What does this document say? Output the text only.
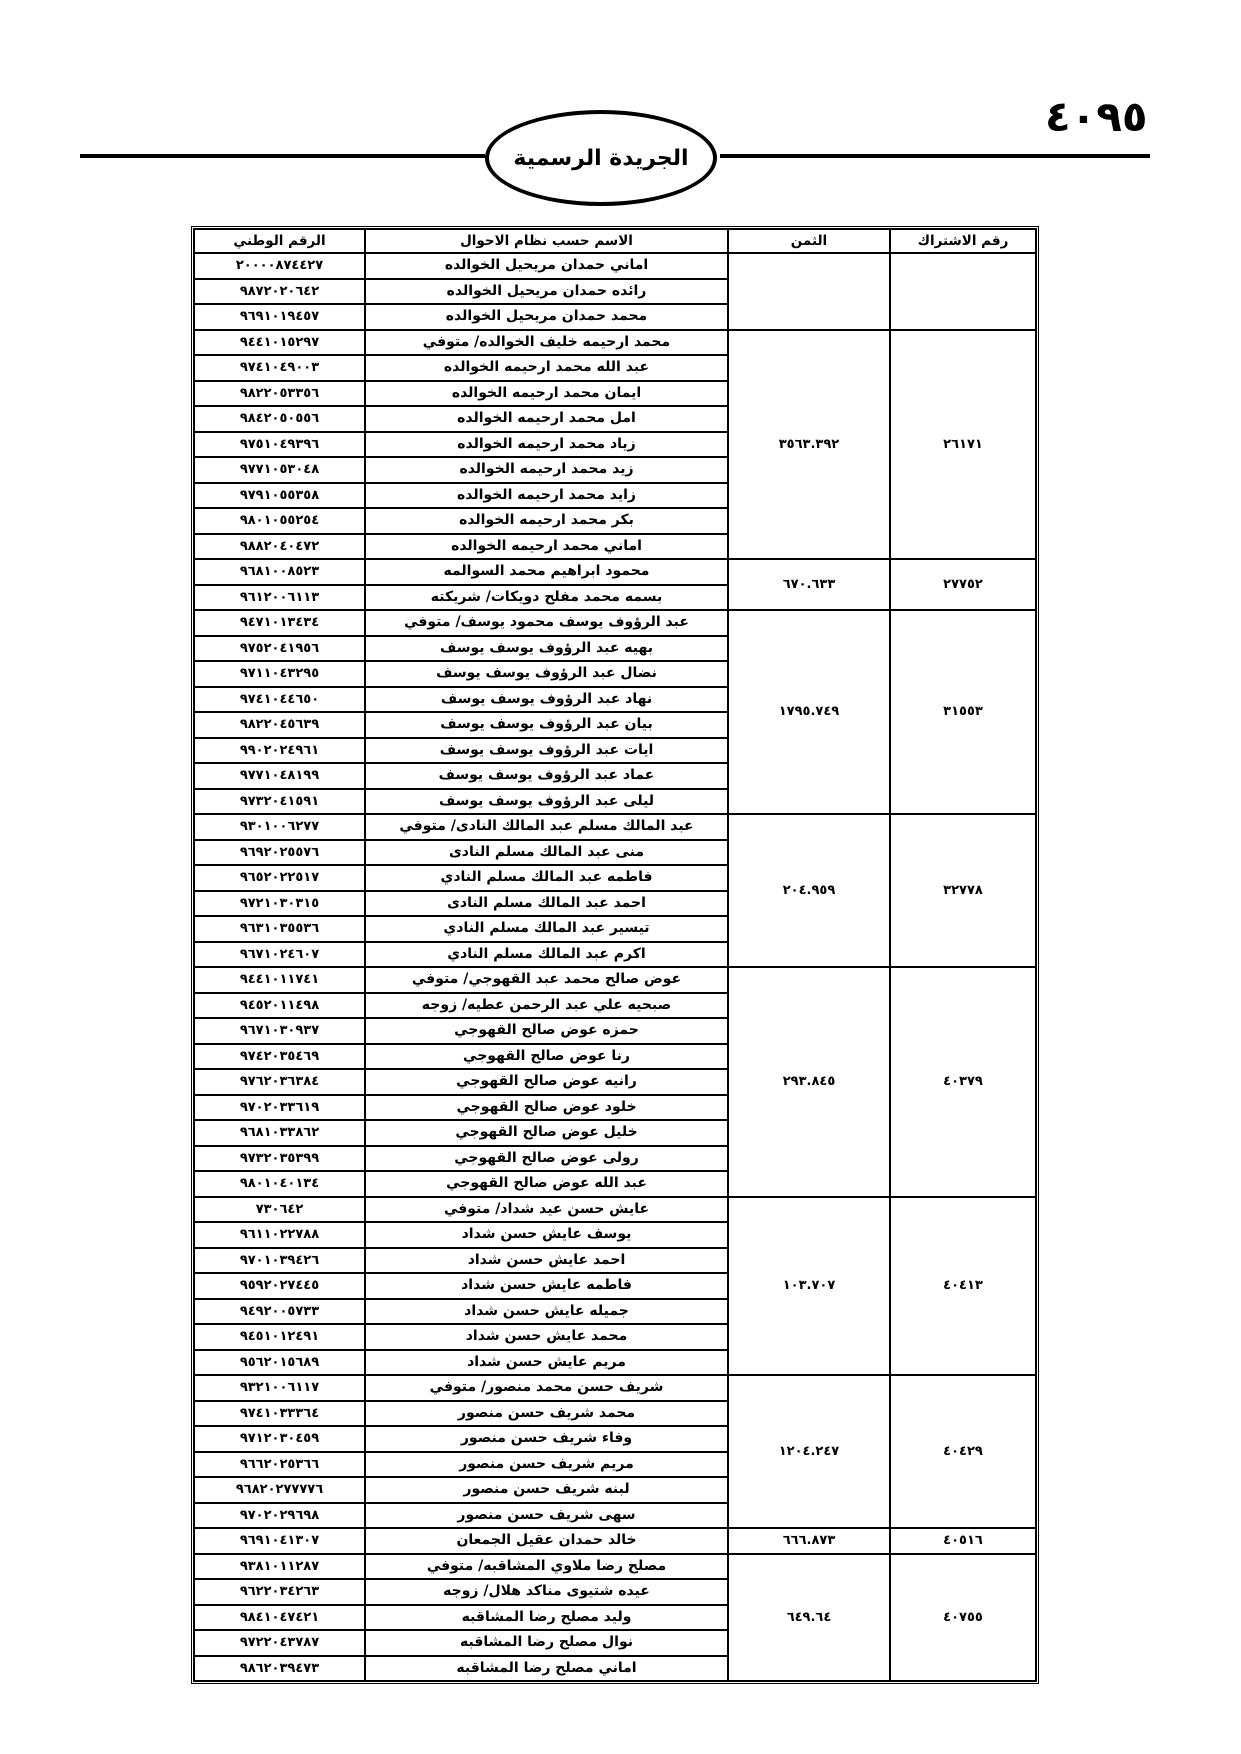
٤٠٩٥
الجريدة الرسمية
رقم الاشتراك	الثمن	الاسم حسب نظام الاحوال	الرقم الوطني
		اماني حمدان مريحيل الخوالده	٢٠٠٠٠٨٧٤٤٢٧
		رائده حمدان مريحيل الخوالده	٩٨٧٢٠٢٠٦٤٢
		محمد حمدان مريحيل الخوالده	٩٦٩١٠١٩٤٥٧
٢٦١٧١	٣٥٦٣.٣٩٢	محمد ارحيمه خليف الخوالده/ متوفي	٩٤٤١٠١٥٢٩٧
		عبد الله محمد ارحيمه الخوالده	٩٧٤١٠٤٩٠٠٣
		ايمان محمد ارحيمه الخوالده	٩٨٢٢٠٥٣٣٥٦
		امل محمد ارحيمه الخوالده	٩٨٤٢٠٥٠٥٥٦
		زياد محمد ارحيمه الخوالده	٩٧٥١٠٤٩٣٩٦
		زيد محمد ارحيمه الخوالده	٩٧٧١٠٥٣٠٤٨
		زايد محمد ارحيمه الخوالده	٩٧٩١٠٥٥٣٥٨
		بكر محمد ارحيمه الخوالده	٩٨٠١٠٥٥٢٥٤
		اماني محمد ارحيمه الخوالده	٩٨٨٢٠٤٠٤٧٢
٢٧٧٥٢	٦٧٠.٦٣٣	محمود ابراهيم محمد السوالمه	٩٦٨١٠٠٨٥٢٣
		بسمه محمد مفلح دويكات/ شريكته	٩٦١٢٠٠٦١١٣
٣١٥٥٣	١٧٩٥.٧٤٩	عبد الرؤوف يوسف محمود يوسف/ متوفي	٩٤٧١٠١٣٤٣٤
		بهيه عبد الرؤوف يوسف يوسف	٩٧٥٢٠٤١٩٥٦
		نضال عبد الرؤوف يوسف يوسف	٩٧١١٠٤٣٢٩٥
		نهاد عبد الرؤوف يوسف يوسف	٩٧٤١٠٤٤٦٥٠
		بيان عبد الرؤوف يوسف يوسف	٩٨٢٢٠٤٥٦٣٩
		ايات عبد الرؤوف يوسف يوسف	٩٩٠٢٠٢٤٩٦١
		عماد عبد الرؤوف يوسف يوسف	٩٧٧١٠٤٨١٩٩
		ليلى عبد الرؤوف يوسف يوسف	٩٧٣٢٠٤١٥٩١
٣٢٧٧٨	٢٠٤.٩٥٩	عبد المالك مسلم عبد المالك النادى/ متوفي	٩٣٠١٠٠٦٢٧٧
		منى عبد المالك مسلم النادى	٩٦٩٢٠٢٥٥٧٦
		فاطمه عبد المالك مسلم النادي	٩٦٥٢٠٢٢٥١٧
		احمد عبد المالك مسلم النادى	٩٧٢١٠٣٠٣١٥
		تيسير عبد المالك مسلم النادي	٩٦٣١٠٣٥٥٣٦
		اكرم عبد المالك مسلم النادي	٩٦٧١٠٢٤٦٠٧
٤٠٣٧٩	٢٩٣.٨٤٥	عوض صالح محمد عبد القهوجي/ متوفي	٩٤٤١٠١١٧٤١
		صبحيه علي عبد الرحمن عطيه/ زوجه	٩٤٥٢٠١١٤٩٨
		حمزه عوض صالح القهوجي	٩٦٧١٠٣٠٩٣٧
		رنا عوض صالح القهوجي	٩٧٤٢٠٣٥٤٦٩
		رانيه عوض صالح القهوجي	٩٧٦٢٠٣٦٣٨٤
		خلود عوض صالح القهوجي	٩٧٠٢٠٣٣٦١٩
		خليل عوض صالح القهوجي	٩٦٨١٠٣٣٨٦٢
		رولى عوض صالح القهوجي	٩٧٣٢٠٣٥٣٩٩
		عبد الله عوض صالح القهوجي	٩٨٠١٠٤٠١٣٤
٤٠٤١٣	١٠٣.٧٠٧	عايش حسن عيد شداد/ متوفي	٧٣٠٦٤٢
		يوسف عايش حسن شداد	٩٦١١٠٢٢٧٨٨
		احمد عايش حسن شداد	٩٧٠١٠٣٩٤٢٦
		فاطمه عايش حسن شداد	٩٥٩٢٠٢٧٤٤٥
		جميله عايش حسن شداد	٩٤٩٢٠٠٥٧٣٣
		محمد عايش حسن شداد	٩٤٥١٠١٢٤٩١
		مريم عايش حسن شداد	٩٥٦٢٠١٥٦٨٩
٤٠٤٢٩	١٢٠٤.٢٤٧	شريف حسن محمد منصور/ متوفي	٩٣٢١٠٠٦١١٧
		محمد شريف حسن منصور	٩٧٤١٠٣٣٣٦٤
		وفاء شريف حسن منصور	٩٧١٢٠٣٠٤٥٩
		مريم شريف حسن منصور	٩٦٦٢٠٢٥٣٦٦
		لبنه شريف حسن منصور	٩٦٨٢٠٢٧٧٧٧٦
		سهى شريف حسن منصور	٩٧٠٢٠٢٩٦٩٨
٤٠٥١٦	٦٦٦.٨٧٣	خالد حمدان عقيل الجمعان	٩٦٩١٠٤١٣٠٧
٤٠٧٥٥	٦٤٩.٦٤	مصلح رضا ملاوي المشاقبه/ متوفي	٩٣٨١٠١١٢٨٧
		عيده شتيوى مناكد هلال/ زوجه	٩٦٢٢٠٣٤٢٦٣
		وليد مصلح رضا المشاقبه	٩٨٤١٠٤٧٤٢١
		نوال مصلح رضا المشاقبه	٩٧٢٢٠٤٣٧٨٧
		اماني مصلح رضا المشاقبه	٩٨٦٢٠٣٩٤٧٣
